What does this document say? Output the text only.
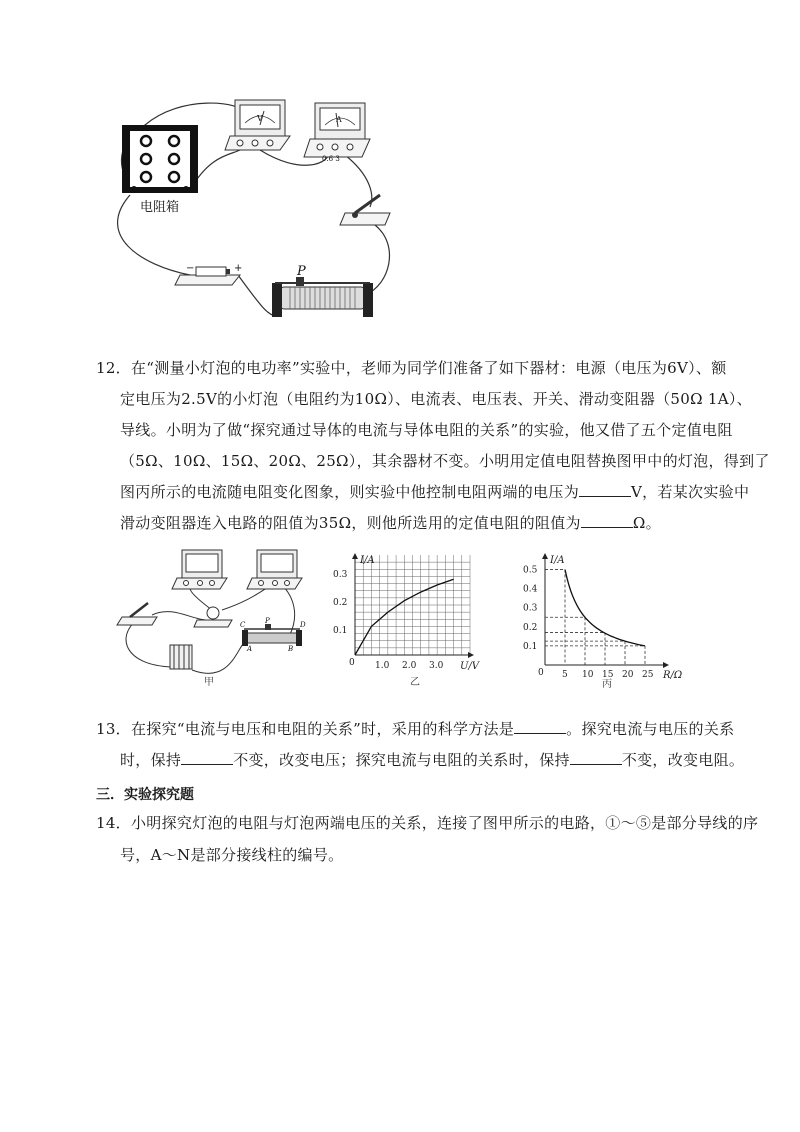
电阻箱
V	A
0.6 3
−	+	P
12．在“测量小灯泡的电功率”实验中，老师为同学们准备了如下器材：电源（电压为6V）、额
定电压为2.5V的小灯泡（电阻约为10Ω）、电流表、电压表、开关、滑动变阻器（50Ω 1A）、
导线。小明为了做“探究通过导体的电流与导体电阻的关系”的实验，他又借了五个定值电阻
（5Ω、10Ω、15Ω、20Ω、25Ω），其余器材不变。小明用定值电阻替换图甲中的灯泡，得到了
图丙所示的电流随电阻变化图象，则实验中他控制电阻两端的电压为	V，若某次实验中
滑动变阻器连入电路的阻值为35Ω，则他所选用的定值电阻的阻值为	Ω。
C	P	D
A	B
甲
I/A
U/V
0
0.1
0.2
0.3
1.0 2.0 3.0
乙
I/A
R/Ω
0
0.1
0.2
0.3
0.4
0.5
5 10 15 20 25
丙
13．在探究“电流与电压和电阻的关系”时，采用的科学方法是	。探究电流与电压的关系
时，保持	不变，改变电压；探究电流与电阻的关系时，保持	不变，改变电阻。
三．实验探究题
14．小明探究灯泡的电阻与灯泡两端电压的关系，连接了图甲所示的电路，①～⑤是部分导线的序
号，A～N是部分接线柱的编号。
